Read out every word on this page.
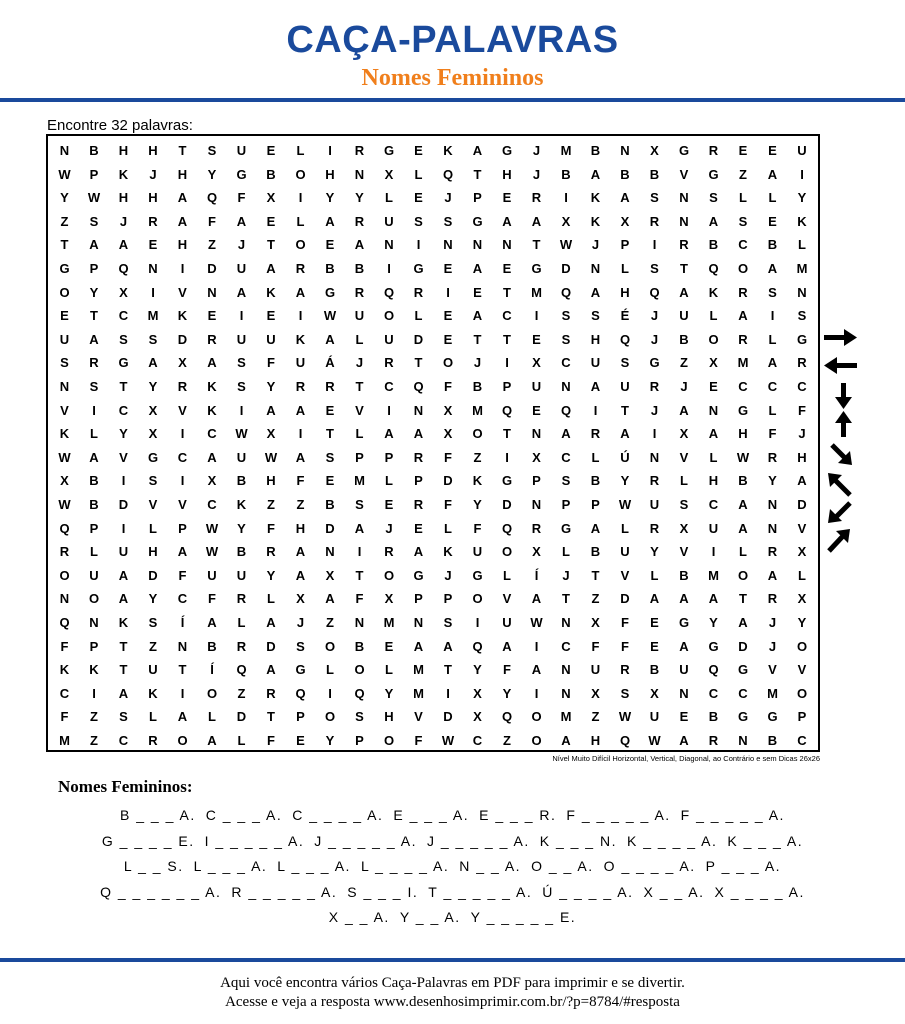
CAÇA-PALAVRAS
Nomes Femininos
Encontre 32 palavras:
N	B	H	H	T	S	U	E	L	I	R	G	E	K	A	G	J	M	B	N	X	G	R	E	E	U
W	P	K	J	H	Y	G	B	O	H	N	X	L	Q	T	H	J	B	A	B	B	V	G	Z	A	I
Y	W	H	H	A	Q	F	X	I	Y	Y	L	E	J	P	E	R	I	K	A	S	N	S	L	L	Y
Z	S	J	R	A	F	A	E	L	A	R	U	S	S	G	A	A	X	K	X	R	N	A	S	E	K
T	A	A	E	H	Z	J	T	O	E	A	N	I	N	N	N	T	W	J	P	I	R	B	C	B	L
G	P	Q	N	I	D	U	A	R	B	B	I	G	E	A	E	G	D	N	L	S	T	Q	O	A	M
O	Y	X	I	V	N	A	K	A	G	R	Q	R	I	E	T	M	Q	A	H	Q	A	K	R	S	N
E	T	C	M	K	E	I	E	I	W	U	O	L	E	A	C	I	S	S	É	J	U	L	A	I	S
U	A	S	S	D	R	U	U	K	A	L	U	D	E	T	T	E	S	H	Q	J	B	O	R	L	G
S	R	G	A	X	A	S	F	U	Á	J	R	T	O	J	I	X	C	U	S	G	Z	X	M	A	R
N	S	T	Y	R	K	S	Y	R	R	T	C	Q	F	B	P	U	N	A	U	R	J	E	C	C	C
V	I	C	X	V	K	I	A	A	E	V	I	N	X	M	Q	E	Q	I	T	J	A	N	G	L	F
K	L	Y	X	I	C	W	X	I	T	L	A	A	X	O	T	N	A	R	A	I	X	A	H	F	J
W	A	V	G	C	A	U	W	A	S	P	P	R	F	Z	I	X	C	L	Ú	N	V	L	W	R	H
X	B	I	S	I	X	B	H	F	E	M	L	P	D	K	G	P	S	B	Y	R	L	H	B	Y	A
W	B	D	V	V	C	K	Z	Z	B	S	E	R	F	Y	D	N	P	P	W	U	S	C	A	N	D
Q	P	I	L	P	W	Y	F	H	D	A	J	E	L	F	Q	R	G	A	L	R	X	U	A	N	V
R	L	U	H	A	W	B	R	A	N	I	R	A	K	U	O	X	L	B	U	Y	V	I	L	R	X
O	U	A	D	F	U	U	Y	A	X	T	O	G	J	G	L	Í	J	T	V	L	B	M	O	A	L
N	O	A	Y	C	F	R	L	X	A	F	X	P	P	O	V	A	T	Z	D	A	A	A	T	R	X
Q	N	K	S	Í	A	L	A	J	Z	N	M	N	S	I	U	W	N	X	F	E	G	Y	A	J	Y
F	P	T	Z	N	B	R	D	S	O	B	E	A	A	Q	A	I	C	F	F	E	A	G	D	J	O
K	K	T	U	T	Í	Q	A	G	L	O	L	M	T	Y	F	A	N	U	R	B	U	Q	G	V	V
C	I	A	K	I	O	Z	R	Q	I	Q	Y	M	I	X	Y	I	N	X	S	X	N	C	C	M	O
F	Z	S	L	A	L	D	T	P	O	S	H	V	D	X	Q	O	M	Z	W	U	E	B	G	G	P
M	Z	C	R	O	A	L	F	E	Y	P	O	F	W	C	Z	O	A	H	Q	W	A	R	N	B	C
Nível Muito Difícil Horizontal, Vertical, Diagonal, ao Contrário e sem Dicas 26x26
Nomes Femininos:
B _ _ _ A. C _ _ _ A. C _ _ _ _ A. E _ _ _ A. E _ _ _ R. F _ _ _ _ _ A. F _ _ _ _ _ A.
G _ _ _ _ E. I _ _ _ _ _ A. J _ _ _ _ _ A. J _ _ _ _ _ A. K _ _ _ N. K _ _ _ _ A. K _ _ _ A.
L _ _ S. L _ _ _ A. L _ _ _ A. L _ _ _ _ A. N _ _ A. O _ _ A. O _ _ _ _ A. P _ _ _ A.
Q _ _ _ _ _ _ A. R _ _ _ _ _ A. S _ _ _ I. T _ _ _ _ _ A. Ú _ _ _ _ A. X _ _ A. X _ _ _ _ A.
X _ _ A. Y _ _ A. Y _ _ _ _ _ E.
Aqui você encontra vários Caça-Palavras em PDF para imprimir e se divertir.
Acesse e veja a resposta www.desenhosimprimir.com.br/?p=8784/#resposta
